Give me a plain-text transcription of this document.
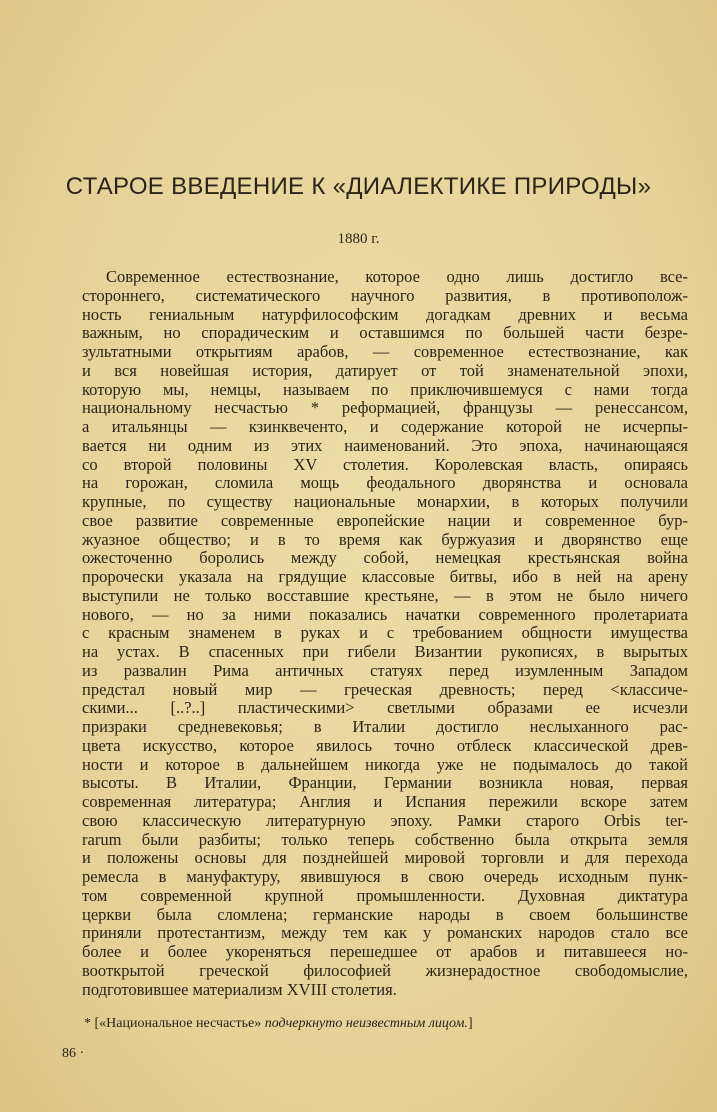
СТАРОЕ ВВЕДЕНИЕ К «ДИАЛЕКТИКЕ ПРИРОДЫ»
1880 г.
Современное естествознание, которое одно лишь достигло все-
стороннего, систематического научного развития, в противополож-
ность гениальным натурфилософским догадкам древних и весьма
важным, но спорадическим и оставшимся по большей части безре-
зультатными открытиям арабов, — современное естествознание, как
и вся новейшая история, датирует от той знаменательной эпохи,
которую мы, немцы, называем по приключившемуся с нами тогда
национальному несчастью * реформацией, французы — ренессансом,
а итальянцы — кзинквеченто, и содержание которой не исчерпы-
вается ни одним из этих наименований. Это эпоха, начинающаяся
со второй половины XV столетия. Королевская власть, опираясь
на горожан, сломила мощь феодального дворянства и основала
крупные, по существу национальные монархии, в которых получили
свое развитие современные европейские нации и современное бур-
жуазное общество; и в то время как буржуазия и дворянство еще
ожесточенно боролись между собой, немецкая крестьянская война
пророчески указала на грядущие классовые битвы, ибо в ней на арену
выступили не только восставшие крестьяне, — в этом не было ничего
нового, — но за ними показались начатки современного пролетариата
с красным знаменем в руках и с требованием общности имущества
на устах. В спасенных при гибели Византии рукописях, в вырытых
из развалин Рима античных статуях перед изумленным Западом
предстал новый мир — греческая древность; перед <классиче-
скими... [..?..] пластическими> светлыми образами ее исчезли
призраки средневековья; в Италии достигло неслыханного рас-
цвета искусство, которое явилось точно отблеск классической древ-
ности и которое в дальнейшем никогда уже не подымалось до такой
высоты. В Италии, Франции, Германии возникла новая, первая
современная литература; Англия и Испания пережили вскоре затем
свою классическую литературную эпоху. Рамки старого Orbis ter-
rarum были разбиты; только теперь собственно была открыта земля
и положены основы для позднейшей мировой торговли и для перехода
ремесла в мануфактуру, явившуюся в свою очередь исходным пунк-
том современной крупной промышленности. Духовная диктатура
церкви была сломлена; германские народы в своем большинстве
приняли протестантизм, между тем как у романских народов стало все
более и более укореняться перешедшее от арабов и питавшееся но-
вооткрытой греческой философией жизнерадостное свободомыслие,
подготовившее материализм XVIII столетия.
* [«Национальное несчастье» подчеркнуто неизвестным лицом.]
86 ·
